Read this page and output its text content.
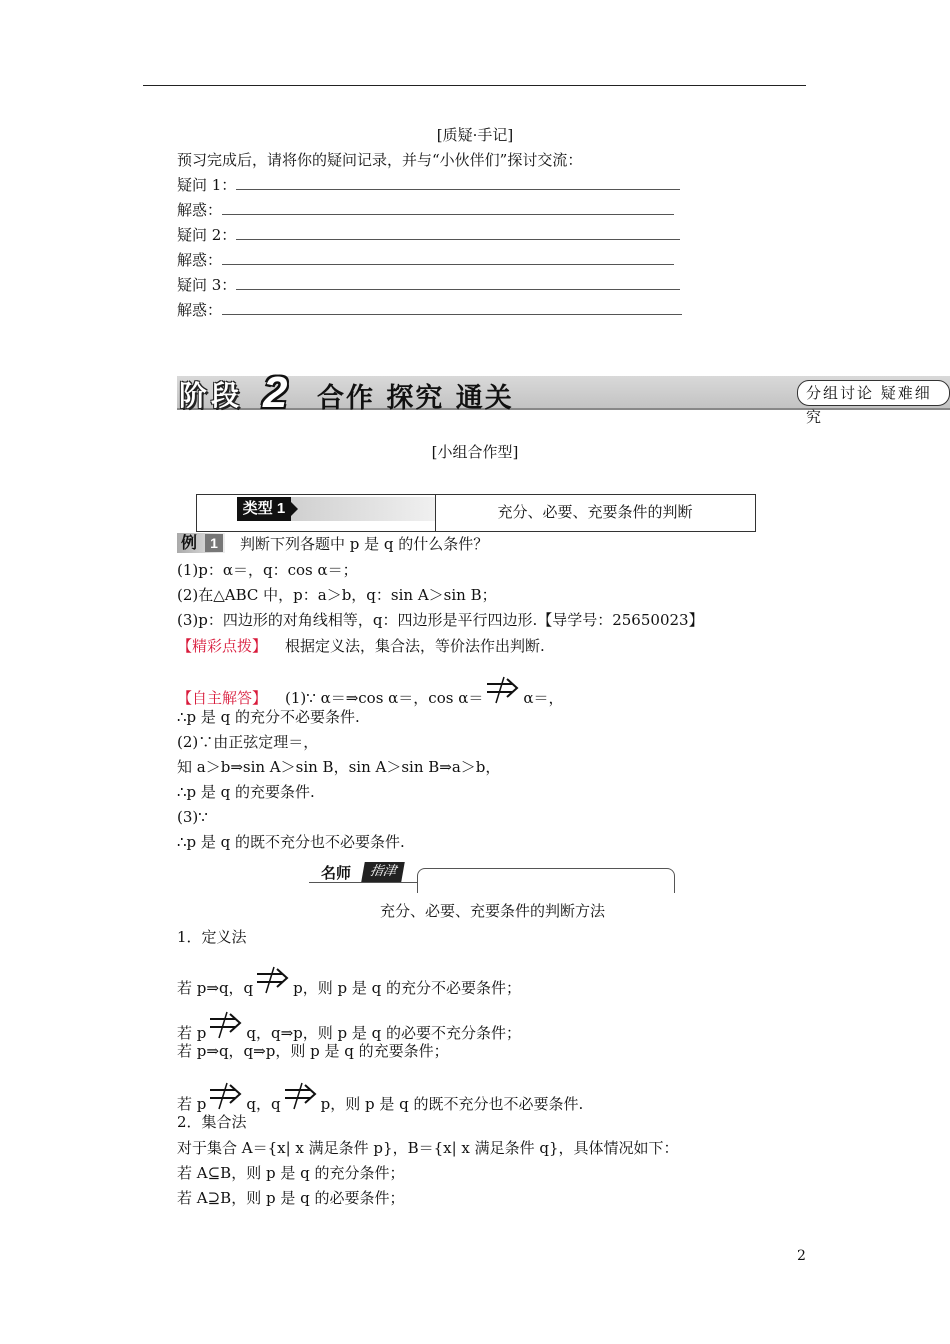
[质疑·手记]
预习完成后，请将你的疑问记录，并与“小伙伴们”探讨交流：
疑问 1：
解惑：
疑问 2：
解惑：
疑问 3：
解惑：
阶段 2 合作 探究 通关	分组讨论 疑难细究
[小组合作型]
类型 1	充分、必要、充要条件的判断
例 1	判断下列各题中 p 是 q 的什么条件？
(1)p：α＝，q：cos α＝；
(2)在△ABC 中，p：a＞b，q：sin A＞sin B；
(3)p：四边形的对角线相等，q：四边形是平行四边形.【导学号：25650023】
【精彩点拨】 根据定义法，集合法，等价法作出判断.
【自主解答】 (1)∵ α＝⇒cos α＝，cos α＝	α＝，
∴p 是 q 的充分不必要条件.
(2)∵由正弦定理＝，
知 a＞b⇒sin A＞sin B，sin A＞sin B⇒a＞b，
∴p 是 q 的充要条件.
(3)∵
∴p 是 q 的既不充分也不必要条件.
名师	指津
充分、必要、充要条件的判断方法
1．定义法
若 p⇒q，q	p，则 p 是 q 的充分不必要条件；
若 p	q，q⇒p，则 p 是 q 的必要不充分条件；
若 p⇒q，q⇒p，则 p 是 q 的充要条件；
若 p	q，q	p，则 p 是 q 的既不充分也不必要条件.
2．集合法
对于集合 A＝{x| x 满足条件 p}，B＝{x| x 满足条件 q}，具体情况如下：
若 A⊆B，则 p 是 q 的充分条件；
若 A⊇B，则 p 是 q 的必要条件；
2
